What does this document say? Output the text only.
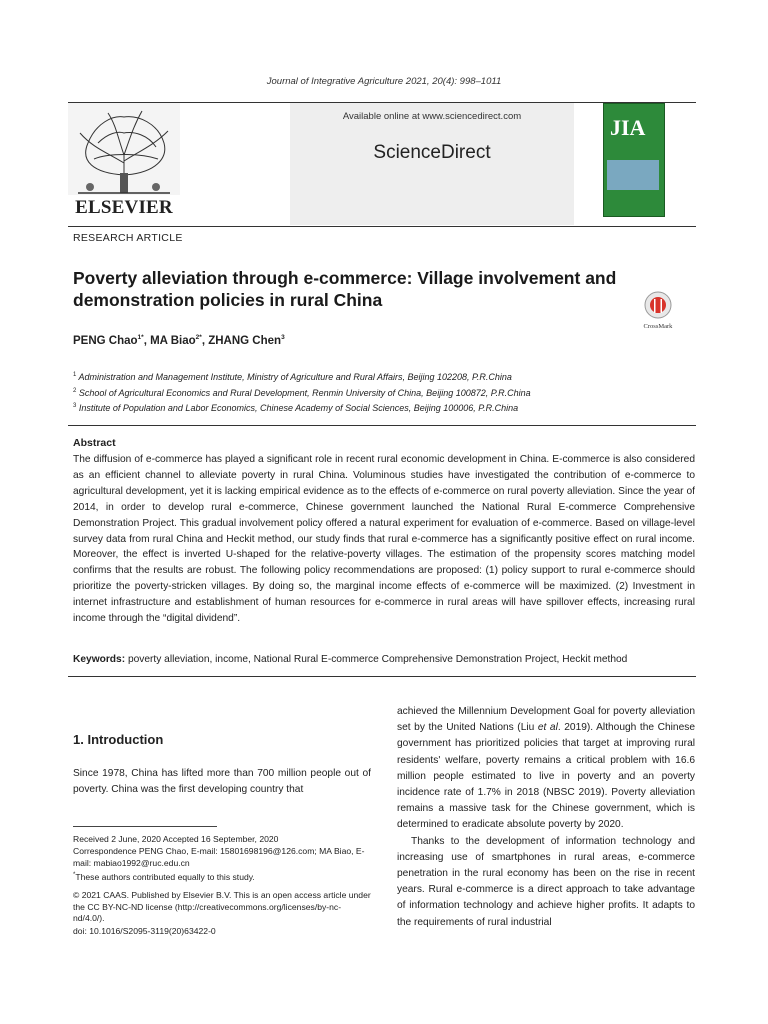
Journal of Integrative Agriculture 2021, 20(4): 998–1011
Available online at www.sciencedirect.com
ScienceDirect
ELSEVIER
JIA
RESEARCH ARTICLE
Poverty alleviation through e-commerce: Village involvement and demonstration policies in rural China
CrossMark
PENG Chao$^{1*}$, MA Biao$^{2*}$, ZHANG Chen$^3$
$^1$ Administration and Management Institute, Ministry of Agriculture and Rural Affairs, Beijing 102208, P.R.China
$^2$ School of Agricultural Economics and Rural Development, Renmin University of China, Beijing 100872, P.R.China
$^3$ Institute of Population and Labor Economics, Chinese Academy of Social Sciences, Beijing 100006, P.R.China
Abstract
The diffusion of e-commerce has played a significant role in recent rural economic development in China. E-commerce is also considered as an efficient channel to alleviate poverty in rural China. Voluminous studies have investigated the contribution of e-commerce to agricultural development, yet it is lacking empirical evidence as to the effects of e-commerce on rural poverty alleviation. Since the year of 2014, in order to develop rural e-commerce, Chinese government launched the National Rural E-commerce Comprehensive Demonstration Project. This gradual involvement policy offered a natural experiment for evaluation of e-commerce. Based on village-level survey data from rural China and Heckit method, our study finds that rural e-commerce has a significantly positive effect on rural income. Moreover, the effect is inverted U-shaped for the relative-poverty villages. The estimation of the propensity scores matching model confirms that the results are robust. The following policy recommendations are proposed: (1) policy support to rural e-commerce should prioritize the poverty-stricken villages. By doing so, the marginal income effects of e-commerce will be maximized. (2) Investment in internet infrastructure and establishment of human resources for e-commerce in rural areas will have spillover effects, increasing rural income through the “digital dividend”.
Keywords: poverty alleviation, income, National Rural E-commerce Comprehensive Demonstration Project, Heckit method
1. Introduction

Since 1978, China has lifted more than 700 million people out of poverty. China was the first developing country that

achieved the Millennium Development Goal for poverty alleviation set by the United Nations (Liu et al. 2019). Although the Chinese government has prioritized policies that target at improving rural residents' welfare, poverty remains a critical problem with 16.6 million people estimated to live in poverty and an poverty incidence rate of 1.7% in 2018 (NBSC 2019). Poverty alleviation remains a massive task for the Chinese government, which is determined to eradicate absolute poverty by 2020.

Thanks to the development of information technology and increasing use of smartphones in rural areas, e-commerce penetration in the rural economy has been on the rise in recent years. Rural e-commerce is a direct approach to take advantage of information technology and achieve higher profits. It adapts to the requirements of rural industrial

Received 2 June, 2020 Accepted 16 September, 2020
Correspondence PENG Chao, E-mail: 15801698196@126.com; MA Biao, E-mail: mabiao1992@ruc.edu.cn
*These authors contributed equally to this study.
© 2021 CAAS. Published by Elsevier B.V. This is an open access article under the CC BY-NC-ND license (http://creativecommons.org/licenses/by-nc-nd/4.0/).
doi: 10.1016/S2095-3119(20)63422-0
